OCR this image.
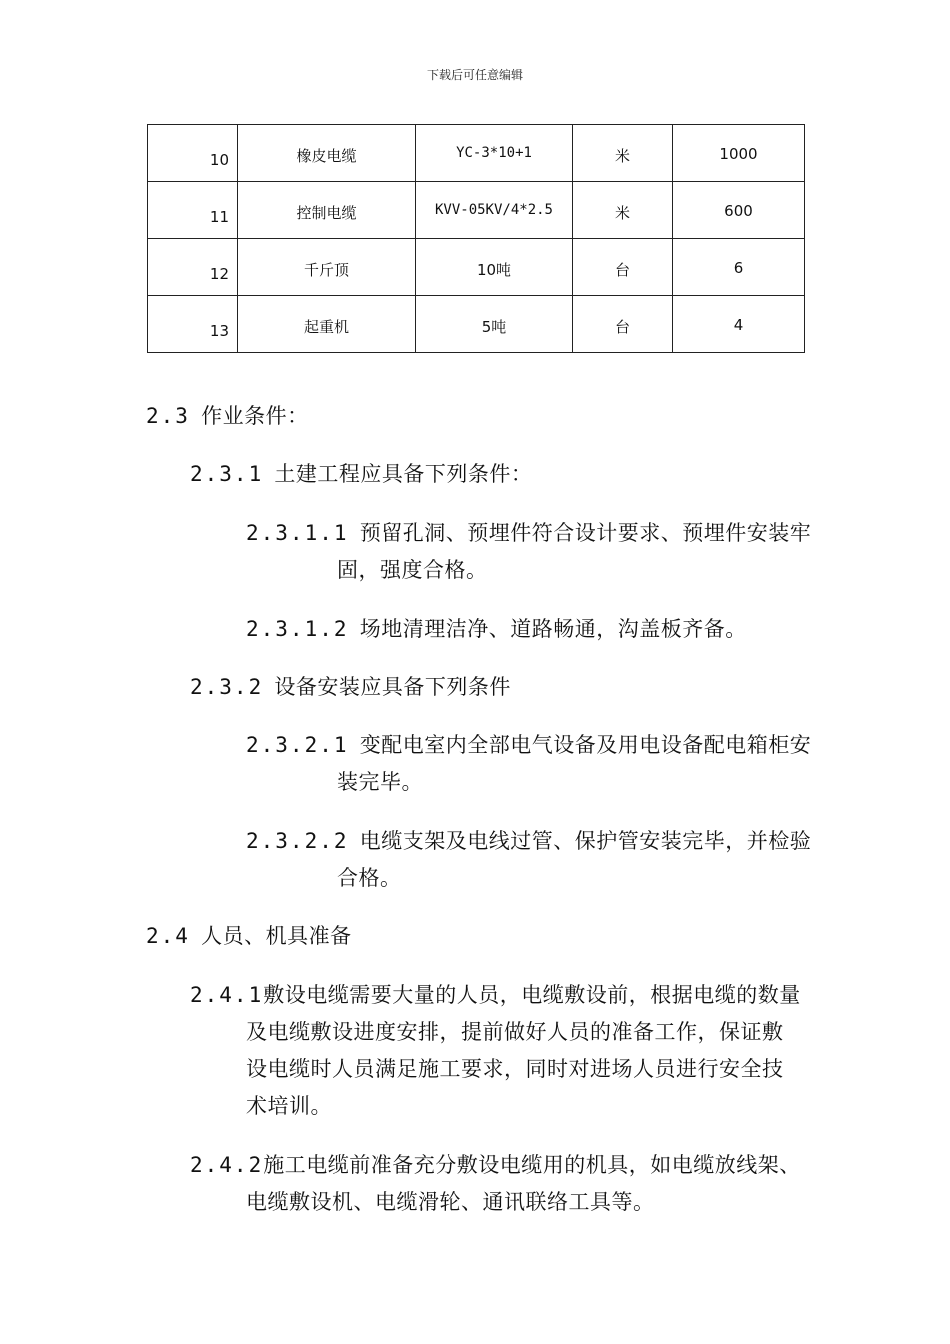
下载后可任意编辑
10	橡皮电缆	YC-3*10+1	米	1000

11	控制电缆	KVV-05KV/4*2.5	米	600

12	千斤顶	10吨	台	6

13	起重机	5吨	台	4
2.3 作业条件：
2.3.1 土建工程应具备下列条件：
2.3.1.1 预留孔洞、预埋件符合设计要求、预埋件安装牢
固，强度合格。
2.3.1.2 场地清理洁净、道路畅通，沟盖板齐备。
2.3.2 设备安装应具备下列条件
2.3.2.1 变配电室内全部电气设备及用电设备配电箱柜安
装完毕。
2.3.2.2 电缆支架及电线过管、保护管安装完毕，并检验
合格。
2.4 人员、机具准备
2.4.1敷设电缆需要大量的人员，电缆敷设前，根据电缆的数量
及电缆敷设进度安排，提前做好人员的准备工作，保证敷
设电缆时人员满足施工要求，同时对进场人员进行安全技
术培训。
2.4.2施工电缆前准备充分敷设电缆用的机具，如电缆放线架、
电缆敷设机、电缆滑轮、通讯联络工具等。
